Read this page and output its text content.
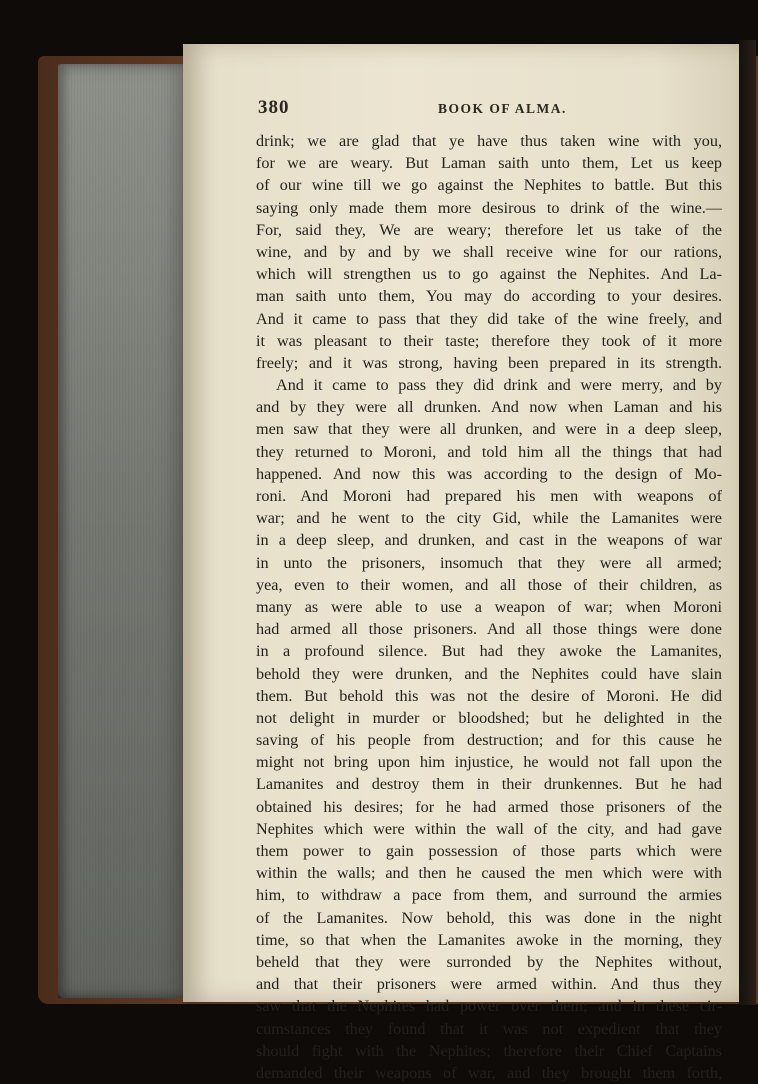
380	BOOK OF ALMA.
drink; we are glad that ye have thus taken wine with you,
for we are weary. But Laman saith unto them, Let us keep
of our wine till we go against the Nephites to battle. But this
saying only made them more desirous to drink of the wine.—
For, said they, We are weary; therefore let us take of the
wine, and by and by we shall receive wine for our rations,
which will strengthen us to go against the Nephites. And La-
man saith unto them, You may do according to your desires.
And it came to pass that they did take of the wine freely, and
it was pleasant to their taste; therefore they took of it more
freely; and it was strong, having been prepared in its strength.
And it came to pass they did drink and were merry, and by
and by they were all drunken. And now when Laman and his
men saw that they were all drunken, and were in a deep sleep,
they returned to Moroni, and told him all the things that had
happened. And now this was according to the design of Mo-
roni. And Moroni had prepared his men with weapons of
war; and he went to the city Gid, while the Lamanites were
in a deep sleep, and drunken, and cast in the weapons of war
in unto the prisoners, insomuch that they were all armed;
yea, even to their women, and all those of their children, as
many as were able to use a weapon of war; when Moroni
had armed all those prisoners. And all those things were done
in a profound silence. But had they awoke the Lamanites,
behold they were drunken, and the Nephites could have slain
them. But behold this was not the desire of Moroni. He did
not delight in murder or bloodshed; but he delighted in the
saving of his people from destruction; and for this cause he
might not bring upon him injustice, he would not fall upon the
Lamanites and destroy them in their drunkennes. But he had
obtained his desires; for he had armed those prisoners of the
Nephites which were within the wall of the city, and had gave
them power to gain possession of those parts which were
within the walls; and then he caused the men which were with
him, to withdraw a pace from them, and surround the armies
of the Lamanites. Now behold, this was done in the night
time, so that when the Lamanites awoke in the morning, they
beheld that they were surronded by the Nephites without,
and that their prisoners were armed within. And thus they
saw that the Nephites had power over them; and in these cir-
cumstances they found that it was not expedient that they
should fight with the Nephites; therefore their Chief Captains
demanded their weapons of war, and they brought them forth,
